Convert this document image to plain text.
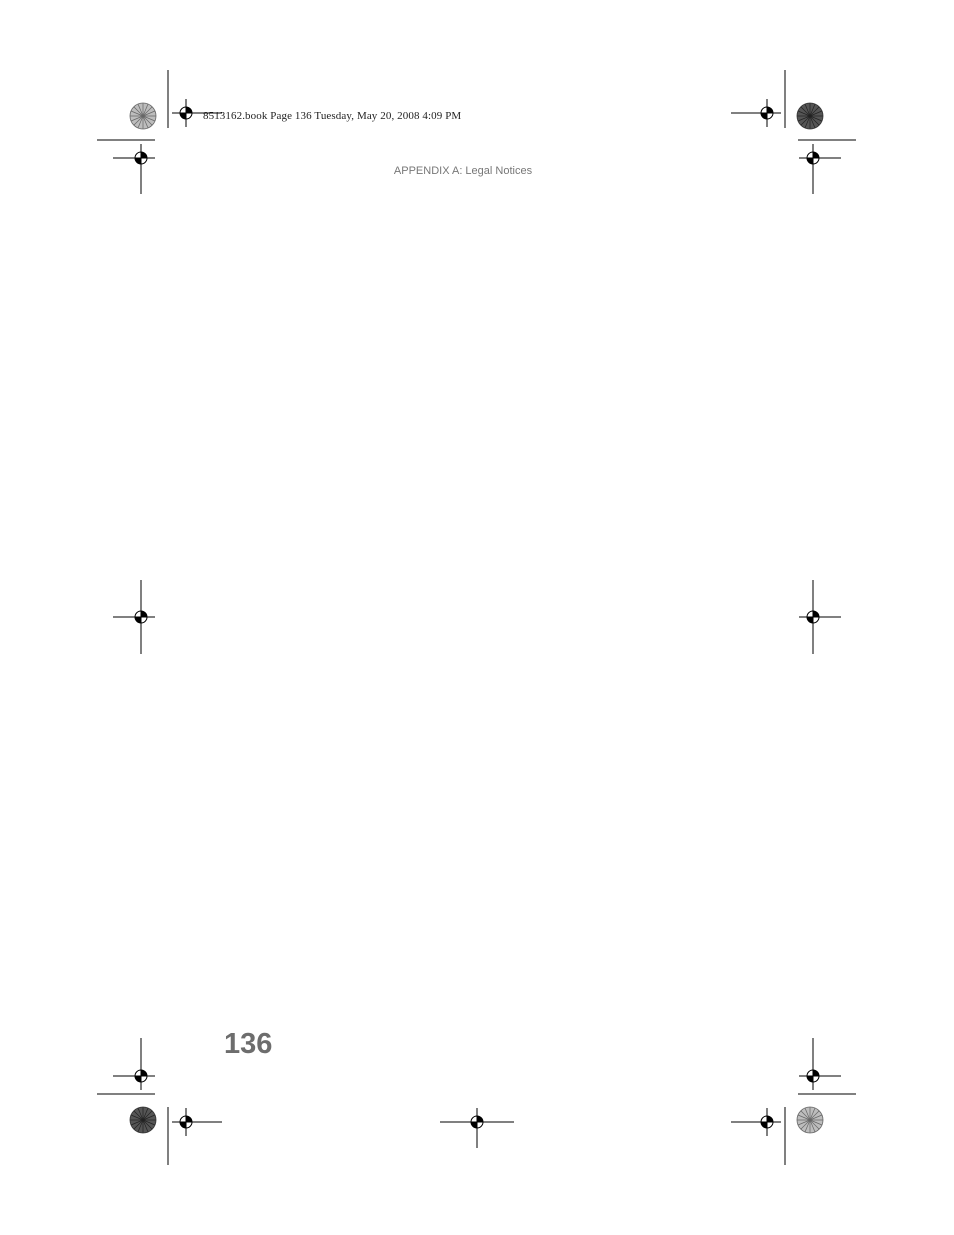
8513162.book Page 136 Tuesday, May 20, 2008 4:09 PM
APPENDIX A: Legal Notices
136
